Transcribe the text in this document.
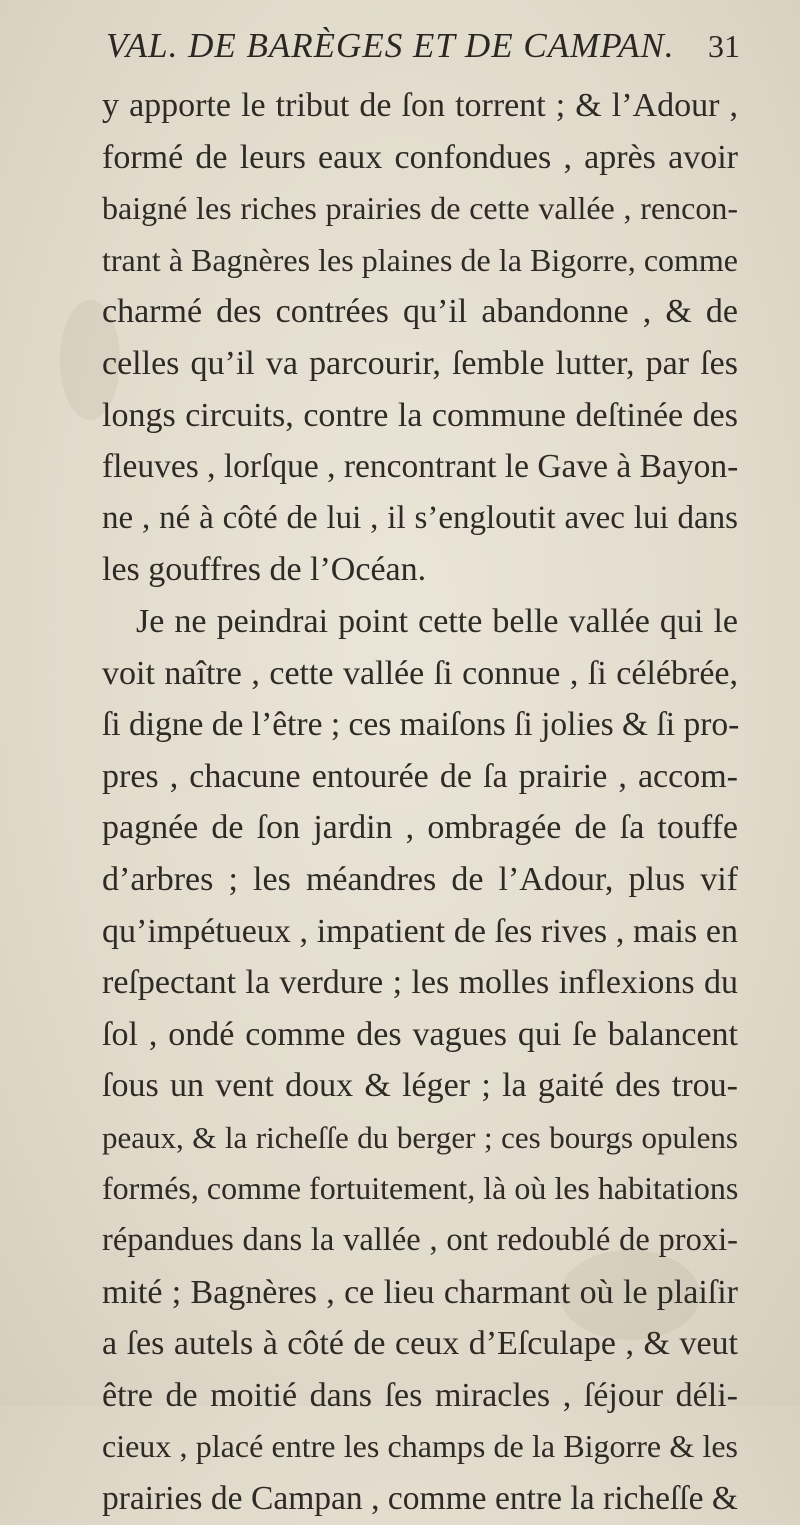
VAL. DE BARÈGES ET DE CAMPAN. 31
y apporte le tribut de ſon torrent ; & l’Adour ,
formé de leurs eaux confondues , après avoir
baigné les riches prairies de cette vallée , rencon-
trant à Bagnères les plaines de la Bigorre, comme
charmé des contrées qu’il abandonne , & de
celles qu’il va parcourir, ſemble lutter, par ſes
longs circuits, contre la commune deſtinée des
fleuves , lorſque , rencontrant le Gave à Bayon-
ne , né à côté de lui , il s’engloutit avec lui dans
les gouffres de l’Océan.
Je ne peindrai point cette belle vallée qui le
voit naître , cette vallée ſi connue , ſi célébrée,
ſi digne de l’être ; ces maiſons ſi jolies & ſi pro-
pres , chacune entourée de ſa prairie , accom-
pagnée de ſon jardin , ombragée de ſa touffe
d’arbres ; les méandres de l’Adour, plus vif
qu’impétueux , impatient de ſes rives , mais en
reſpectant la verdure ; les molles inflexions du
ſol , ondé comme des vagues qui ſe balancent
ſous un vent doux & léger ; la gaité des trou-
peaux, & la richeſſe du berger ; ces bourgs opulens
formés, comme fortuitement, là où les habitations
répandues dans la vallée , ont redoublé de proxi-
mité ; Bagnères , ce lieu charmant où le plaiſir
a ſes autels à côté de ceux d’Eſculape , & veut
être de moitié dans ſes miracles , ſéjour déli-
cieux , placé entre les champs de la Bigorre & les
prairies de Campan , comme entre la richeſſe &
